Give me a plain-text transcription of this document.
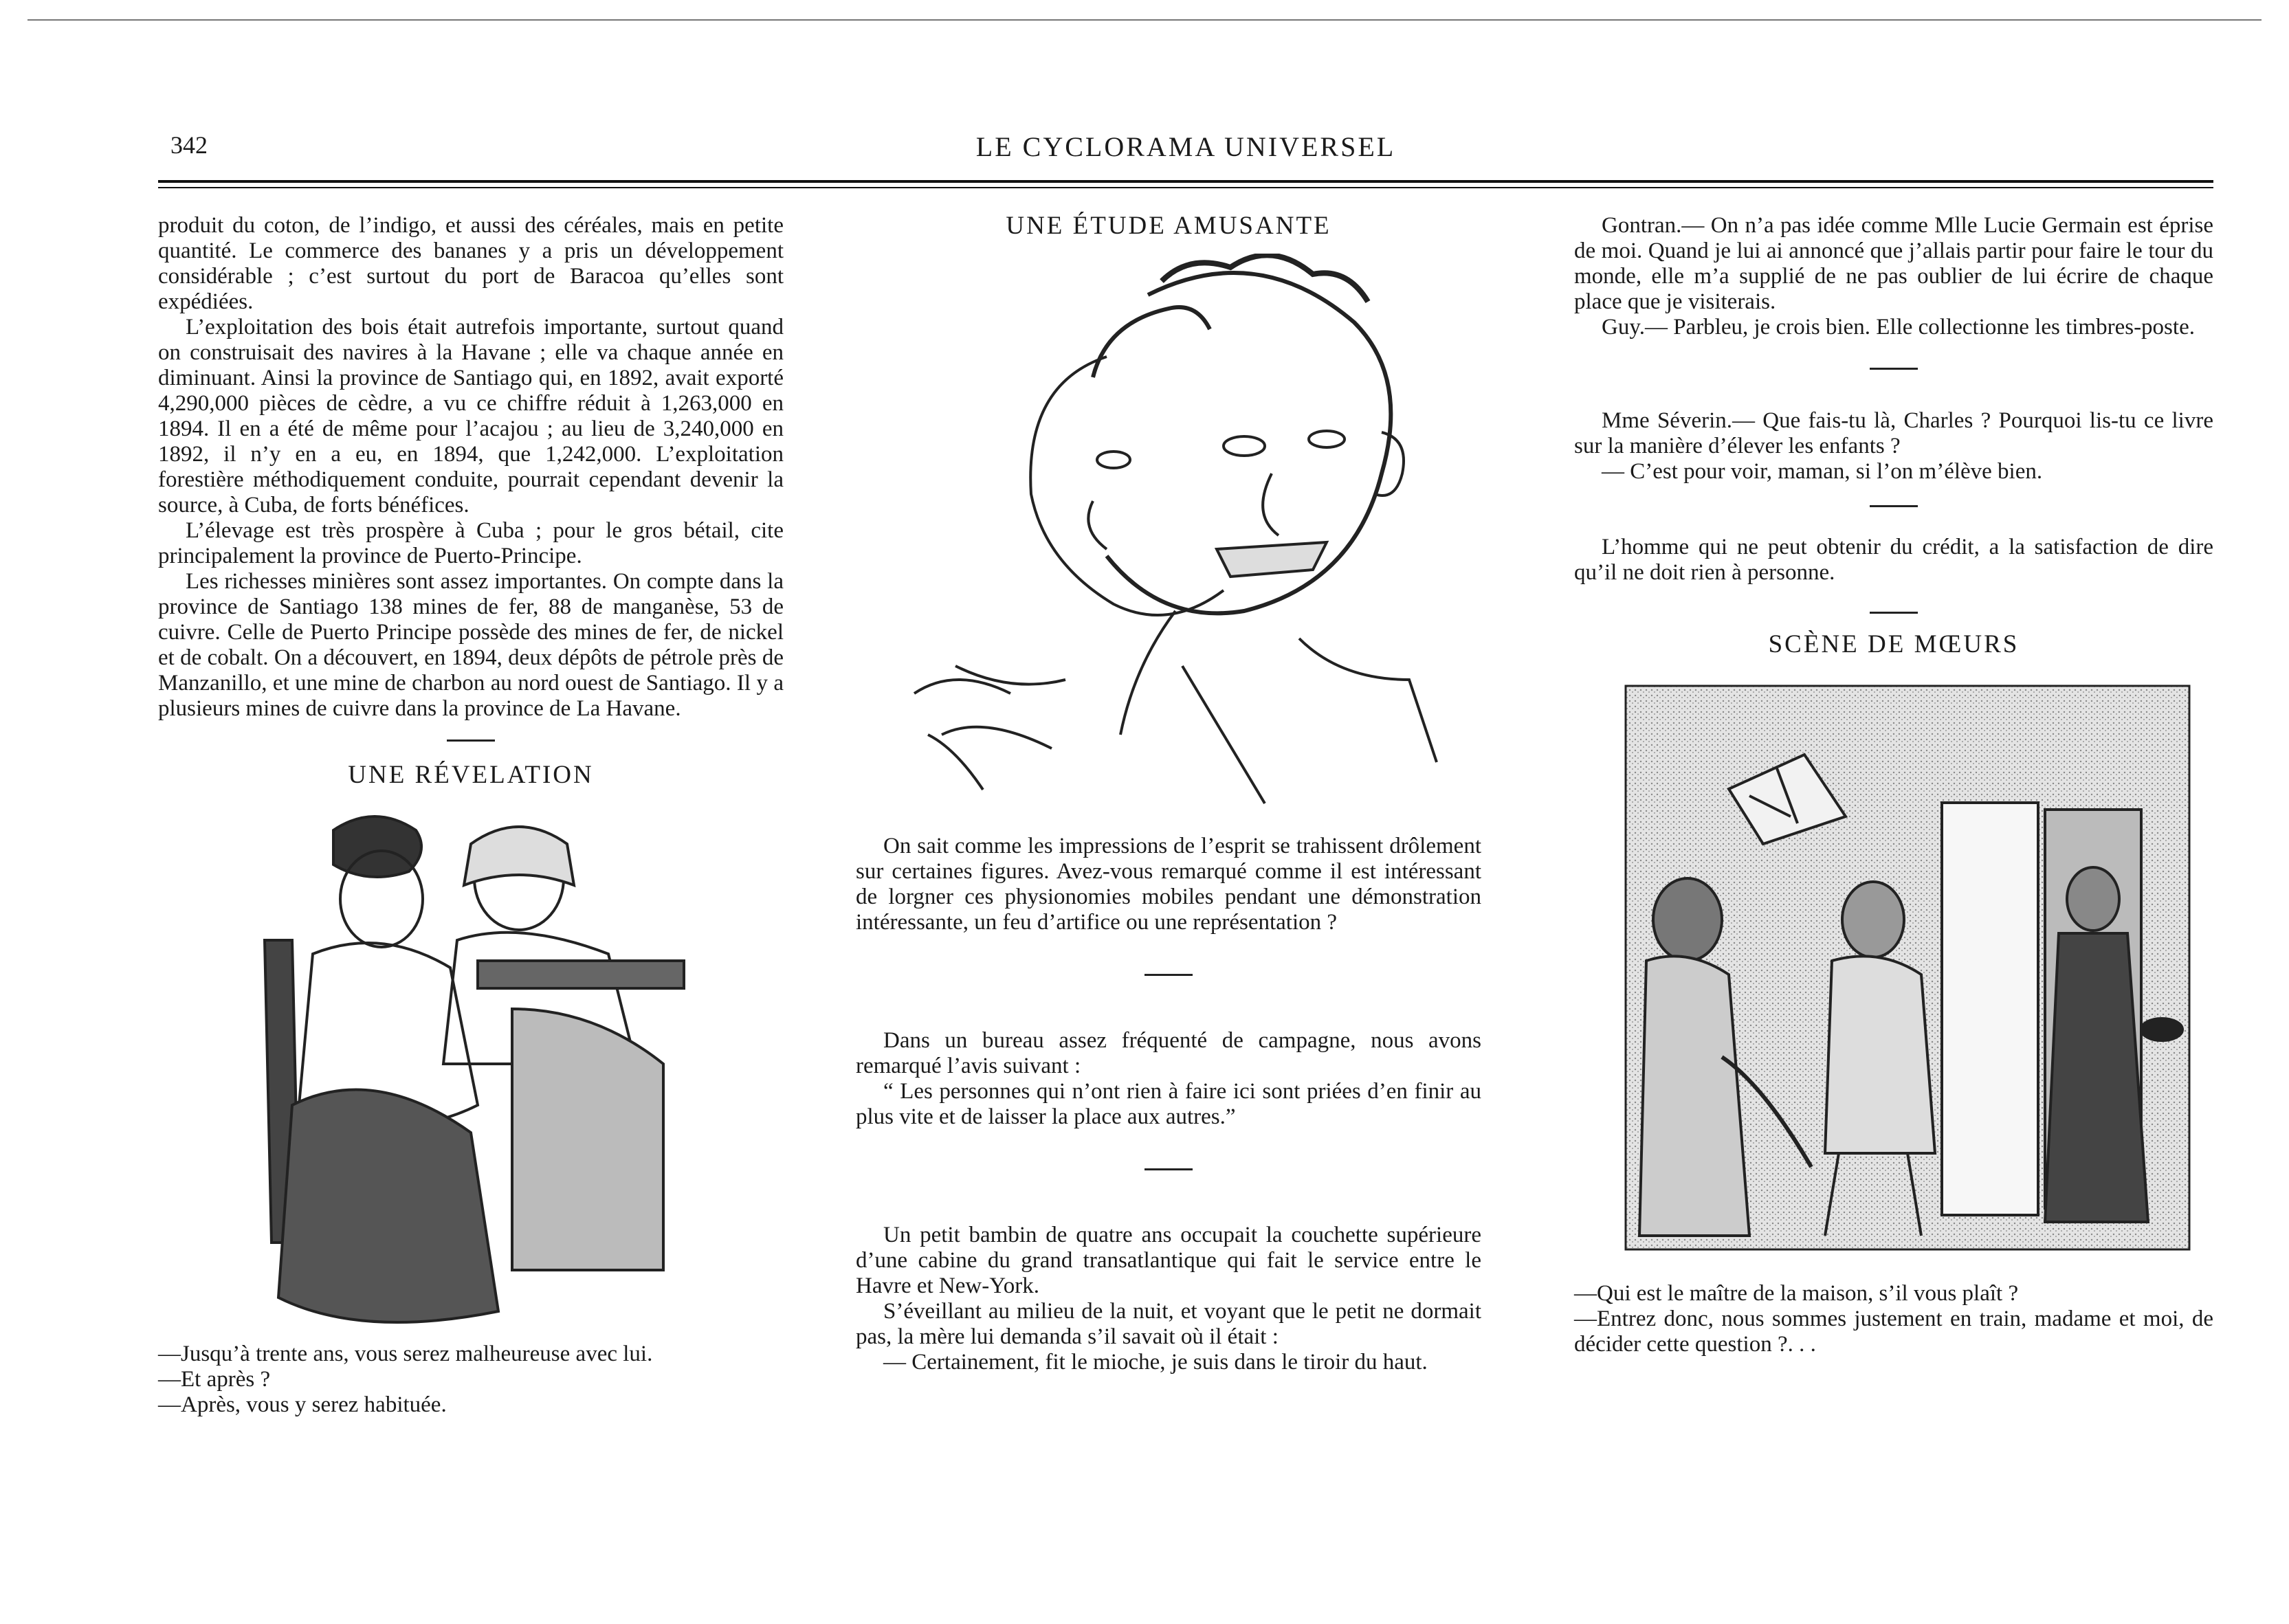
342	LE CYCLORAMA UNIVERSEL

produit du coton, de l’indigo, et aussi des céréales, mais en petite quantité. Le commerce des bananes y a pris un développement considérable ; c’est surtout du port de Baracoa qu’elles sont expédiées.

L’exploitation des bois était autrefois importante, surtout quand on construisait des navires à la Havane ; elle va chaque année en diminuant. Ainsi la province de Santiago qui, en 1892, avait exporté 4,290,000 pièces de cèdre, a vu ce chiffre réduit à 1,263,000 en 1894. Il en a été de même pour l’acajou ; au lieu de 3,240,000 en 1892, il n’y en a eu, en 1894, que 1,242,000. L’exploitation forestière méthodiquement conduite, pourrait cependant devenir la source, à Cuba, de forts bénéfices.

L’élevage est très prospère à Cuba ; pour le gros bétail, cite principalement la province de Puerto-Principe.

Les richesses minières sont assez importantes. On compte dans la province de Santiago 138 mines de fer, 88 de manganèse, 53 de cuivre. Celle de Puerto Principe possède des mines de fer, de nickel et de cobalt. On a découvert, en 1894, deux dépôts de pétrole près de Manzanillo, et une mine de charbon au nord ouest de Santiago. Il y a plusieurs mines de cuivre dans la province de La Havane.

UNE RÉVELATION

—Jusqu’à trente ans, vous serez malheureuse avec lui.

—Et après ?

—Après, vous y serez habituée.

UNE ÉTUDE AMUSANTE

On sait comme les impressions de l’esprit se trahissent drôlement sur certaines figures. Avez-vous remarqué comme il est intéressant de lorgner ces physionomies mobiles pendant une démonstration intéressante, un feu d’artifice ou une représentation ?

Dans un bureau assez fréquenté de campagne, nous avons remarqué l’avis suivant :

“ Les personnes qui n’ont rien à faire ici sont priées d’en finir au plus vite et de laisser la place aux autres.”

Un petit bambin de quatre ans occupait la couchette supérieure d’une cabine du grand transatlantique qui fait le service entre le Havre et New-York.

S’éveillant au milieu de la nuit, et voyant que le petit ne dormait pas, la mère lui demanda s’il savait où il était :

— Certainement, fit le mioche, je suis dans le tiroir du haut.

Gontran.— On n’a pas idée comme Mlle Lucie Germain est éprise de moi. Quand je lui ai annoncé que j’allais partir pour faire le tour du monde, elle m’a supplié de ne pas oublier de lui écrire de chaque place que je visiterais.

Guy.— Parbleu, je crois bien. Elle collectionne les timbres-poste.

Mme Séverin.— Que fais-tu là, Charles ? Pourquoi lis-tu ce livre sur la manière d’élever les enfants ?

— C’est pour voir, maman, si l’on m’élève bien.

L’homme qui ne peut obtenir du crédit, a la satisfaction de dire qu’il ne doit rien à personne.

SCÈNE DE MŒURS

—Qui est le maître de la maison, s’il vous plaît ?

—Entrez donc, nous sommes justement en train, madame et moi, de décider cette question ?. . .
